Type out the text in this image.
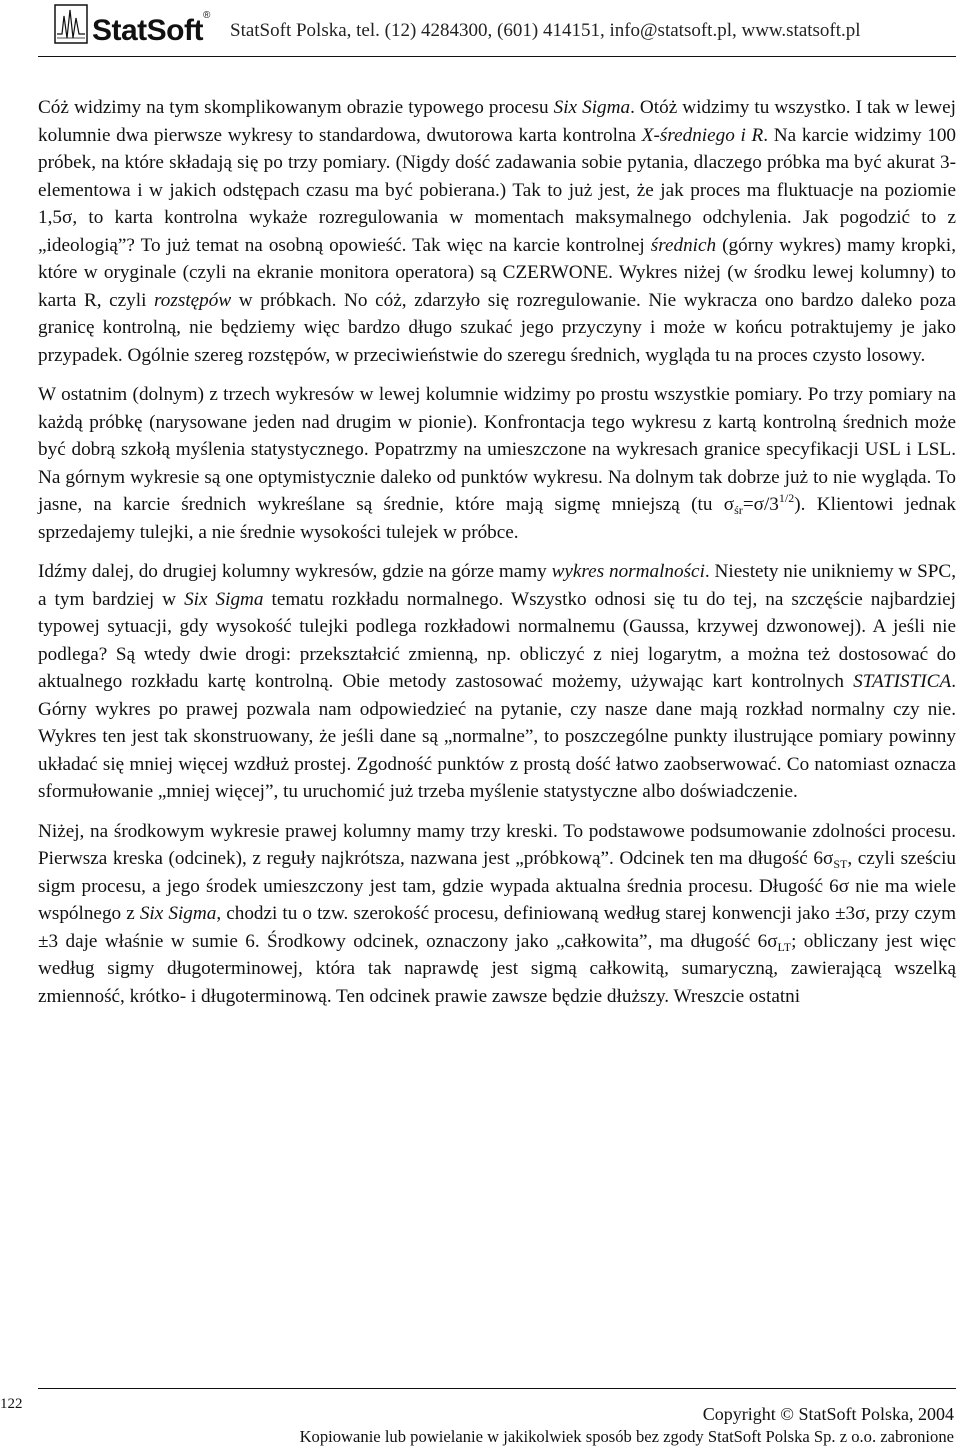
StatSoft®
StatSoft Polska, tel. (12) 4284300, (601) 414151, info@statsoft.pl, www.statsoft.pl

Cóż widzimy na tym skomplikowanym obrazie typowego procesu Six Sigma. Otóż widzimy tu wszystko. I tak w lewej kolumnie dwa pierwsze wykresy to standardowa, dwutorowa karta kontrolna X-średniego i R. Na karcie widzimy 100 próbek, na które składają się po trzy pomiary. (Nigdy dość zadawania sobie pytania, dlaczego próbka ma być akurat 3-elementowa i w jakich odstępach czasu ma być pobierana.) Tak to już jest, że jak proces ma fluktuacje na poziomie 1,5σ, to karta kontrolna wykaże rozregulowania w momentach maksymalnego odchylenia. Jak pogodzić to z „ideologią”? To już temat na osobną opowieść. Tak więc na karcie kontrolnej średnich (górny wykres) mamy kropki, które w oryginale (czyli na ekranie monitora operatora) są CZERWONE. Wykres niżej (w środku lewej kolumny) to karta R, czyli rozstępów w próbkach. No cóż, zdarzyło się rozregulowanie. Nie wykracza ono bardzo daleko poza granicę kontrolną, nie będziemy więc bardzo długo szukać jego przyczyny i może w końcu potraktujemy je jako przypadek. Ogólnie szereg rozstępów, w przeciwieństwie do szeregu średnich, wygląda tu na proces czysto losowy.

W ostatnim (dolnym) z trzech wykresów w lewej kolumnie widzimy po prostu wszystkie pomiary. Po trzy pomiary na każdą próbkę (narysowane jeden nad drugim w pionie). Konfrontacja tego wykresu z kartą kontrolną średnich może być dobrą szkołą myślenia statystycznego. Popatrzmy na umieszczone na wykresach granice specyfikacji USL i LSL. Na górnym wykresie są one optymistycznie daleko od punktów wykresu. Na dolnym tak dobrze już to nie wygląda. To jasne, na karcie średnich wykreślane są średnie, które mają sigmę mniejszą (tu $\sigma_{śr}=\sigma/3^{1/2}$). Klientowi jednak sprzedajemy tulejki, a nie średnie wysokości tulejek w próbce.

Idźmy dalej, do drugiej kolumny wykresów, gdzie na górze mamy wykres normalności. Niestety nie unikniemy w SPC, a tym bardziej w Six Sigma tematu rozkładu normalnego. Wszystko odnosi się tu do tej, na szczęście najbardziej typowej sytuacji, gdy wysokość tulejki podlega rozkładowi normalnemu (Gaussa, krzywej dzwonowej). A jeśli nie podlega? Są wtedy dwie drogi: przekształcić zmienną, np. obliczyć z niej logarytm, a można też dostosować do aktualnego rozkładu kartę kontrolną. Obie metody zastosować możemy, używając kart kontrolnych STATISTICA. Górny wykres po prawej pozwala nam odpowiedzieć na pytanie, czy nasze dane mają rozkład normalny czy nie. Wykres ten jest tak skonstruowany, że jeśli dane są „normalne”, to poszczególne punkty ilustrujące pomiary powinny układać się mniej więcej wzdłuż prostej. Zgodność punktów z prostą dość łatwo zaobserwować. Co natomiast oznacza sformułowanie „mniej więcej”, tu uruchomić już trzeba myślenie statystyczne albo doświadczenie.

Niżej, na środkowym wykresie prawej kolumny mamy trzy kreski. To podstawowe podsumowanie zdolności procesu. Pierwsza kreska (odcinek), z reguły najkrótsza, nazwana jest „próbkową”. Odcinek ten ma długość $6\sigma_{ST}$, czyli sześciu sigm procesu, a jego środek umieszczony jest tam, gdzie wypada aktualna średnia procesu. Długość 6σ nie ma wiele wspólnego z Six Sigma, chodzi tu o tzw. szerokość procesu, definiowaną według starej konwencji jako ±3σ, przy czym ±3 daje właśnie w sumie 6. Środkowy odcinek, oznaczony jako „całkowita”, ma długość $6\sigma_{LT}$; obliczany jest więc według sigmy długoterminowej, która tak naprawdę jest sigmą całkowitą, sumaryczną, zawierającą wszelką zmienność, krótko- i długoterminową. Ten odcinek prawie zawsze będzie dłuższy. Wreszcie ostatni

122	Copyright © StatSoft Polska, 2004
Kopiowanie lub powielanie w jakikolwiek sposób bez zgody StatSoft Polska Sp. z o.o. zabronione
